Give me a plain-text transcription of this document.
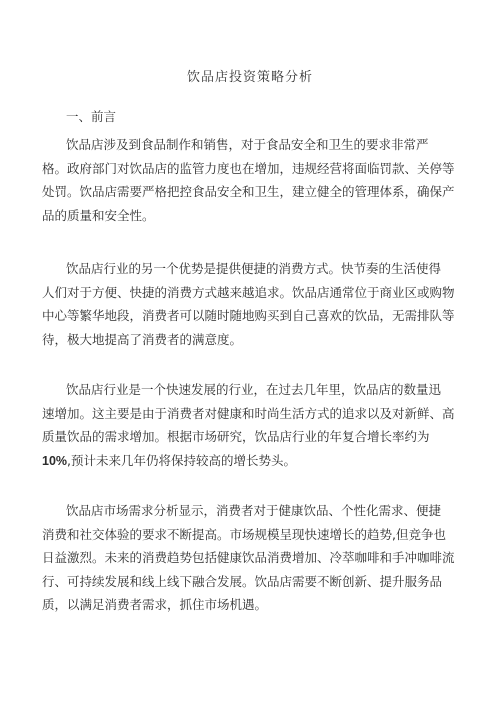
饮品店投资策略分析
一、前言
饮品店涉及到食品制作和销售，对于食品安全和卫生的要求非常严
格。政府部门对饮品店的监管力度也在增加，违规经营将面临罚款、关停等
处罚。饮品店需要严格把控食品安全和卫生，建立健全的管理体系，确保产
品的质量和安全性。
饮品店行业的另一个优势是提供便捷的消费方式。快节奏的生活使得
人们对于方便、快捷的消费方式越来越追求。饮品店通常位于商业区或购物
中心等繁华地段，消费者可以随时随地购买到自己喜欢的饮品，无需排队等
待，极大地提高了消费者的满意度。
饮品店行业是一个快速发展的行业，在过去几年里，饮品店的数量迅
速增加。这主要是由于消费者对健康和时尚生活方式的追求以及对新鲜、高
质量饮品的需求增加。根据市场研究，饮品店行业的年复合增长率约为
10%,预计未来几年仍将保持较高的增长势头。
饮品店市场需求分析显示，消费者对于健康饮品、个性化需求、便捷
消费和社交体验的要求不断提高。市场规模呈现快速增长的趋势,但竞争也
日益激烈。未来的消费趋势包括健康饮品消费增加、冷萃咖啡和手冲咖啡流
行、可持续发展和线上线下融合发展。饮品店需要不断创新、提升服务品
质，以满足消费者需求，抓住市场机遇。
